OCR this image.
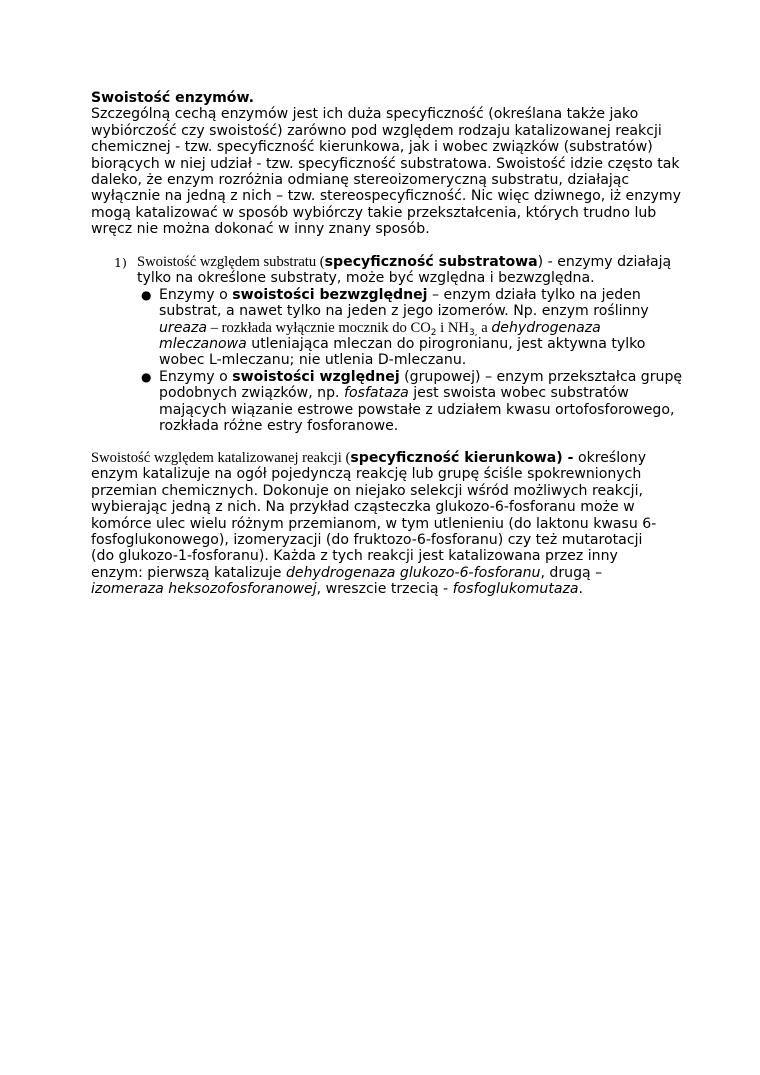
Swoistość enzymów.
Szczególną cechą enzymów jest ich duża specyficzność (określana także jako wybiórczość czy swoistość) zarówno pod względem rodzaju katalizowanej reakcji chemicznej - tzw. specyficzność kierunkowa, jak i wobec związków (substratów) biorących w niej udział - tzw. specyficzność substratowa. Swoistość idzie często tak daleko, że enzym rozróżnia odmianę stereoizomeryczną substratu, działając wyłącznie na jedną z nich – tzw. stereospecyficzność. Nic więc dziwnego, iż enzymy mogą katalizować w sposób wybiórczy takie przekształcenia, których trudno lub wręcz nie można dokonać w inny znany sposób.

1) Swoistość względem substratu (specyficzność substratowa) - enzymy działają tylko na określone substraty, może być względna i bezwzględna.
● Enzymy o swoistości bezwzględnej – enzym działa tylko na jeden substrat, a nawet tylko na jeden z jego izomerów. Np. enzym roślinny ureaza – rozkłada wyłącznie mocznik do $CO_2$ i $NH_{3,}$ a dehydrogenaza mleczanowa utleniająca mleczan do pirogronianu, jest aktywna tylko wobec L-mleczanu; nie utlenia D-mleczanu.
● Enzymy o swoistości względnej (grupowej) – enzym przekształca grupę podobnych związków, np. fosfataza jest swoista wobec substratów mających wiązanie estrowe powstałe z udziałem kwasu ortofosforowego, rozkłada różne estry fosforanowe.

Swoistość względem katalizowanej reakcji (specyficzność kierunkowa) - określony enzym katalizuje na ogół pojedynczą reakcję lub grupę ściśle spokrewnionych przemian chemicznych. Dokonuje on niejako selekcji wśród możliwych reakcji, wybierając jedną z nich. Na przykład cząsteczka glukozo-6-fosforanu może w komórce ulec wielu różnym przemianom, w tym utlenieniu (do laktonu kwasu 6-fosfoglukonowego), izomeryzacji (do fruktozo-6-fosforanu) czy też mutarotacji (do glukozo-1-fosforanu). Każda z tych reakcji jest katalizowana przez inny enzym: pierwszą katalizuje dehydrogenaza glukozo-6-fosforanu, drugą – izomeraza heksozofosforanowej, wreszcie trzecią - fosfoglukomutaza.
